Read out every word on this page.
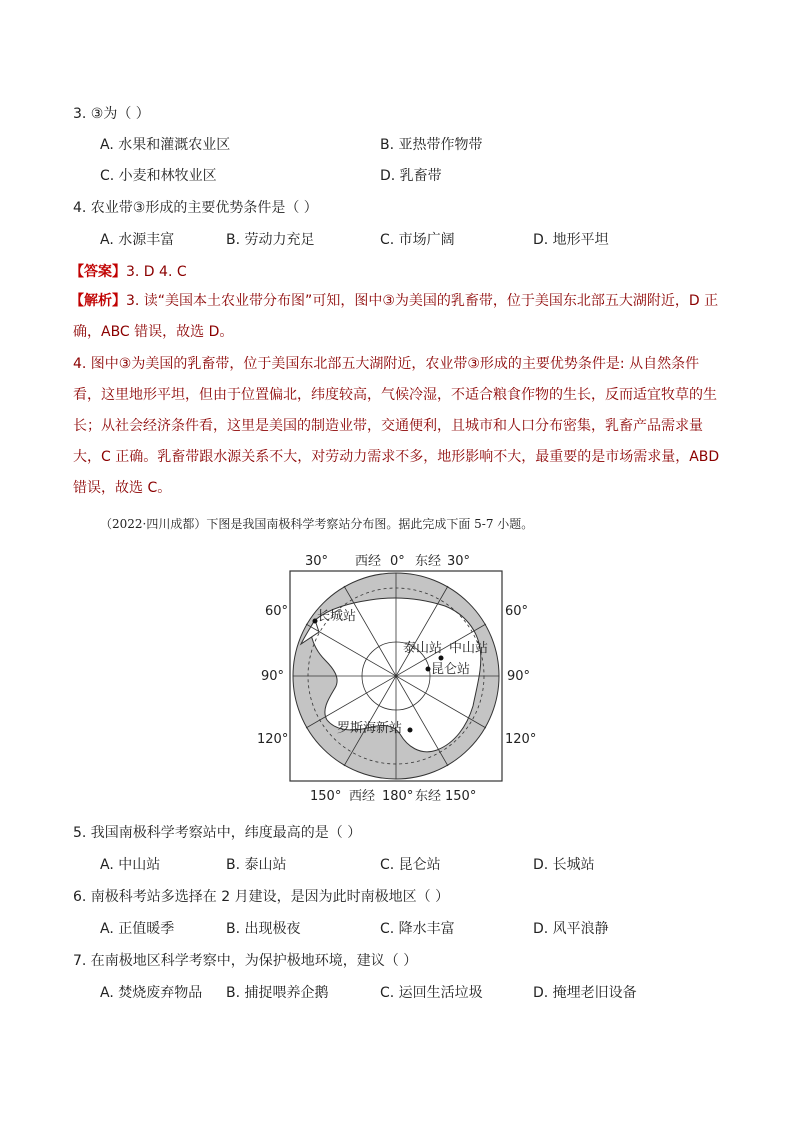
3. ③为（ ）
A. 水果和灌溉农业区	B. 亚热带作物带
C. 小麦和林牧业区	D. 乳畜带
4. 农业带③形成的主要优势条件是（ ）
A. 水源丰富	B. 劳动力充足	C. 市场广阔	D. 地形平坦
【答案】3. D 4. C
【解析】3. 读“美国本土农业带分布图”可知，图中③为美国的乳畜带，位于美国东北部五大湖附近，D 正确，ABC 错误，故选 D。
4. 图中③为美国的乳畜带，位于美国东北部五大湖附近，农业带③形成的主要优势条件是: 从自然条件看，这里地形平坦，但由于位置偏北，纬度较高，气候冷湿，不适合粮食作物的生长，反而适宜牧草的生长；从社会经济条件看，这里是美国的制造业带，交通便利，且城市和人口分布密集，乳畜产品需求量大，C 正确。乳畜带跟水源关系不大，对劳动力需求不多，地形影响不大，最重要的是市场需求量，ABD 错误，故选 C。
（2022·四川成都）下图是我国南极科学考察站分布图。据此完成下面 5-7 小题。
30° 西经 0° 东经 30°
60°
90°
120°
60°
90°
120°
长城站
泰山站 中山站
昆仑站
罗斯海新站
150° 西经 180° 东经 150°
5. 我国南极科学考察站中，纬度最高的是（ ）
A. 中山站	B. 泰山站	C. 昆仑站	D. 长城站
6. 南极科考站多选择在 2 月建设，是因为此时南极地区（ ）
A. 正值暖季	B. 出现极夜	C. 降水丰富	D. 风平浪静
7. 在南极地区科学考察中，为保护极地环境，建议（ ）
A. 焚烧废弃物品 B. 捕捉喂养企鹅	C. 运回生活垃圾	D. 掩埋老旧设备
